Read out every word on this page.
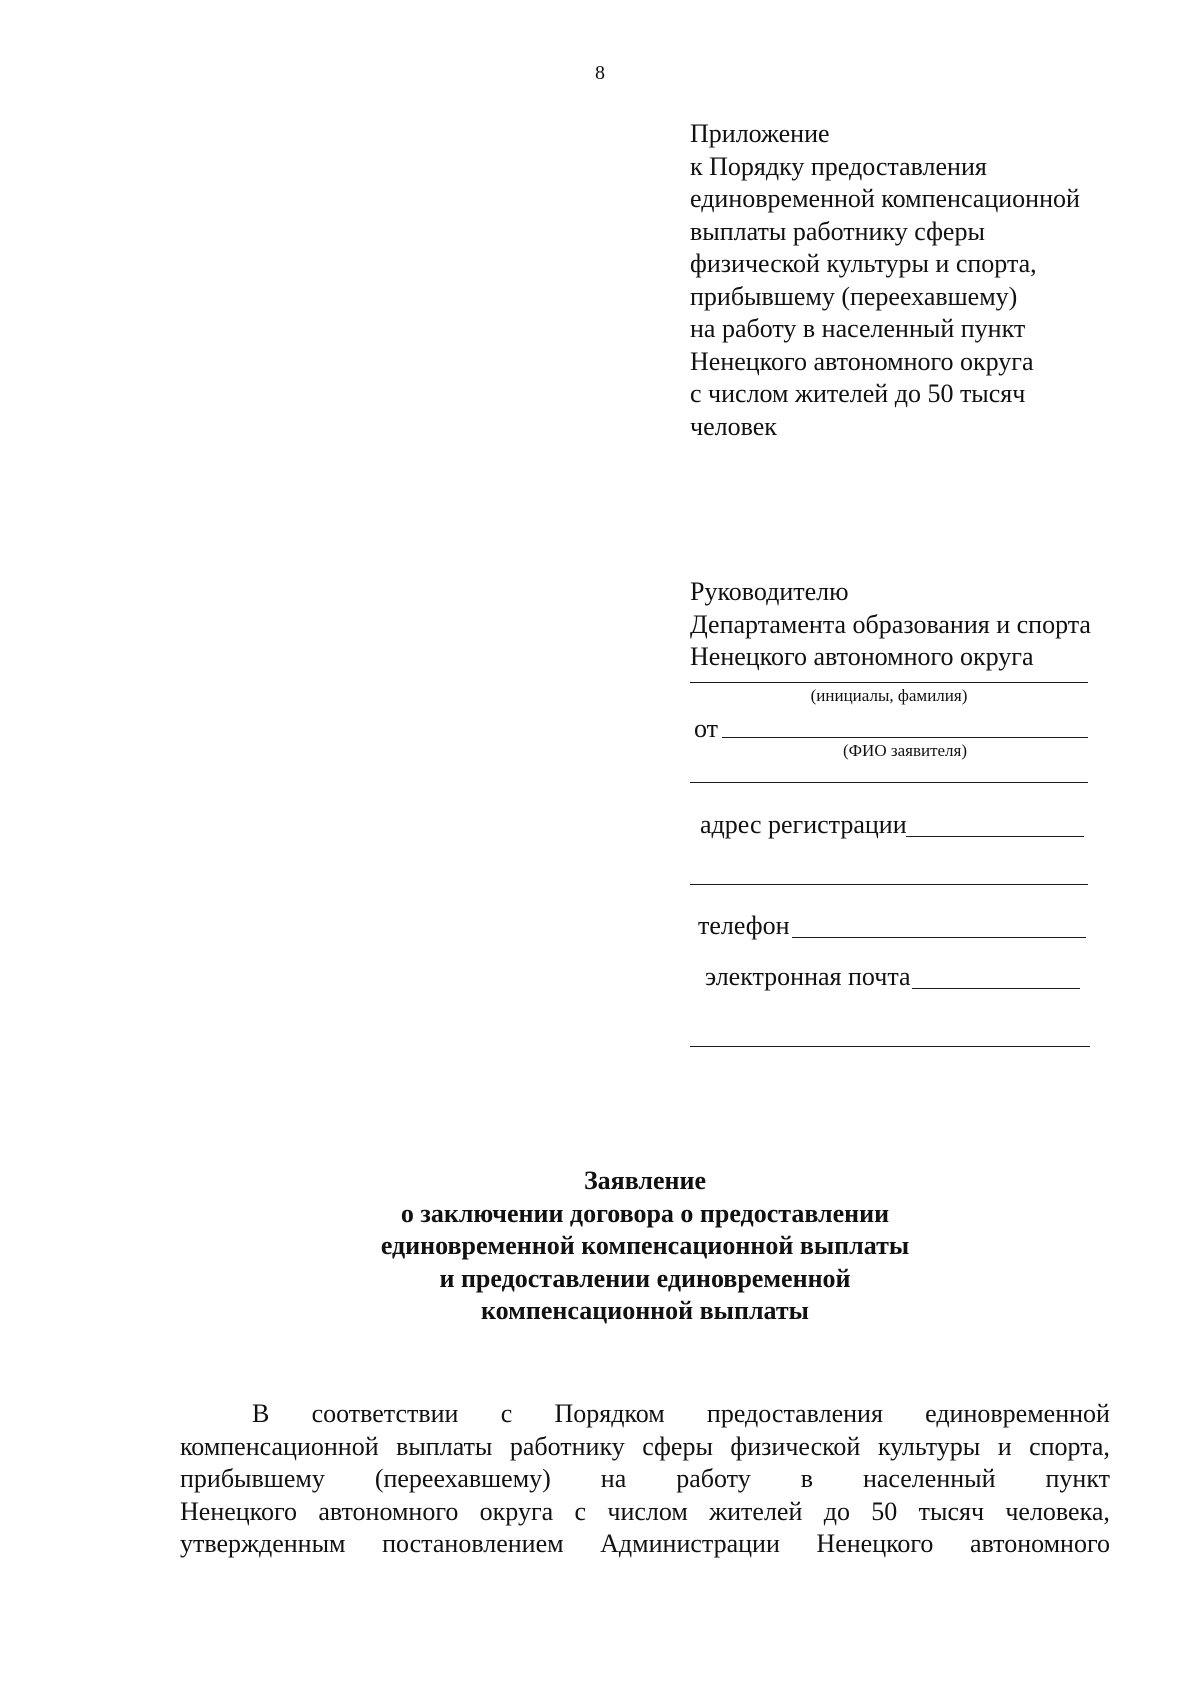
8
Приложение
к Порядку предоставления
единовременной компенсационной
выплаты работнику сферы
физической культуры и спорта,
прибывшему (переехавшему)
на работу в населенный пункт
Ненецкого автономного округа
с числом жителей до 50 тысяч
человек
Руководителю
Департамента образования и спорта
Ненецкого автономного округа
(инициалы, фамилия)
от
(ФИО заявителя)
адрес регистрации
телефон
электронная почта
Заявление
о заключении договора о предоставлении
единовременной компенсационной выплаты
и предоставлении единовременной
компенсационной выплаты
В соответствии с Порядком предоставления единовременной
компенсационной выплаты работнику сферы физической культуры и спорта,
прибывшему (переехавшему) на работу в населенный пункт
Ненецкого автономного округа с числом жителей до 50 тысяч человека,
утвержденным постановлением Администрации Ненецкого автономного
